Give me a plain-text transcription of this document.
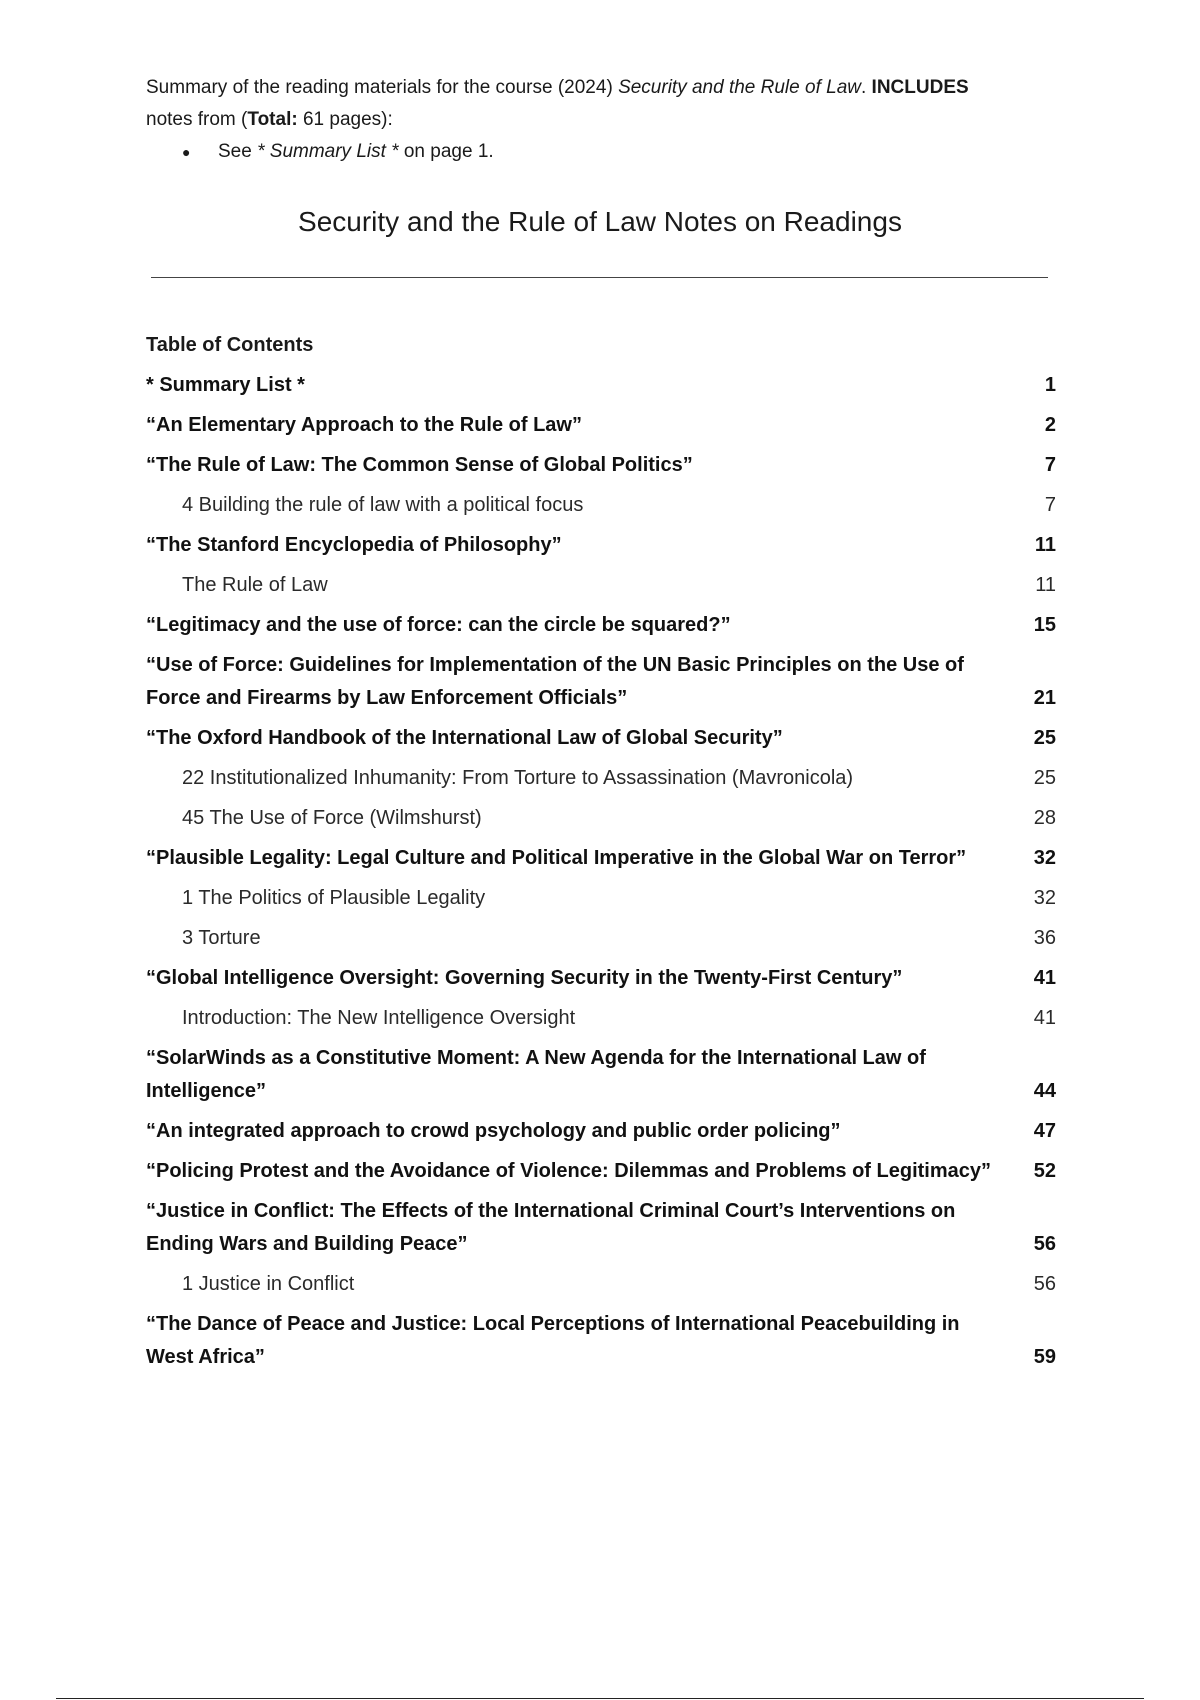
Summary of the reading materials for the course (2024) Security and the Rule of Law. INCLUDES

notes from (Total: 61 pages):

● See * Summary List * on page 1.
Security and the Rule of Law Notes on Readings
Table of Contents
* Summary List *	1
“An Elementary Approach to the Rule of Law”	2
“The Rule of Law: The Common Sense of Global Politics”	7
4 Building the rule of law with a political focus	7
“The Stanford Encyclopedia of Philosophy”	11
The Rule of Law	11
“Legitimacy and the use of force: can the circle be squared?”	15
“Use of Force: Guidelines for Implementation of the UN Basic Principles on the Use of Force and Firearms by Law Enforcement Officials”	21
“The Oxford Handbook of the International Law of Global Security”	25
22 Institutionalized Inhumanity: From Torture to Assassination (Mavronicola)	25
45 The Use of Force (Wilmshurst)	28
“Plausible Legality: Legal Culture and Political Imperative in the Global War on Terror”	32
1 The Politics of Plausible Legality	32
3 Torture	36
“Global Intelligence Oversight: Governing Security in the Twenty-First Century”	41
Introduction: The New Intelligence Oversight	41
“SolarWinds as a Constitutive Moment: A New Agenda for the International Law of Intelligence”	44
“An integrated approach to crowd psychology and public order policing”	47
“Policing Protest and the Avoidance of Violence: Dilemmas and Problems of Legitimacy”	52
“Justice in Conflict: The Effects of the International Criminal Court’s Interventions on Ending Wars and Building Peace”	56
1 Justice in Conflict	56
“The Dance of Peace and Justice: Local Perceptions of International Peacebuilding in West Africa”	59
